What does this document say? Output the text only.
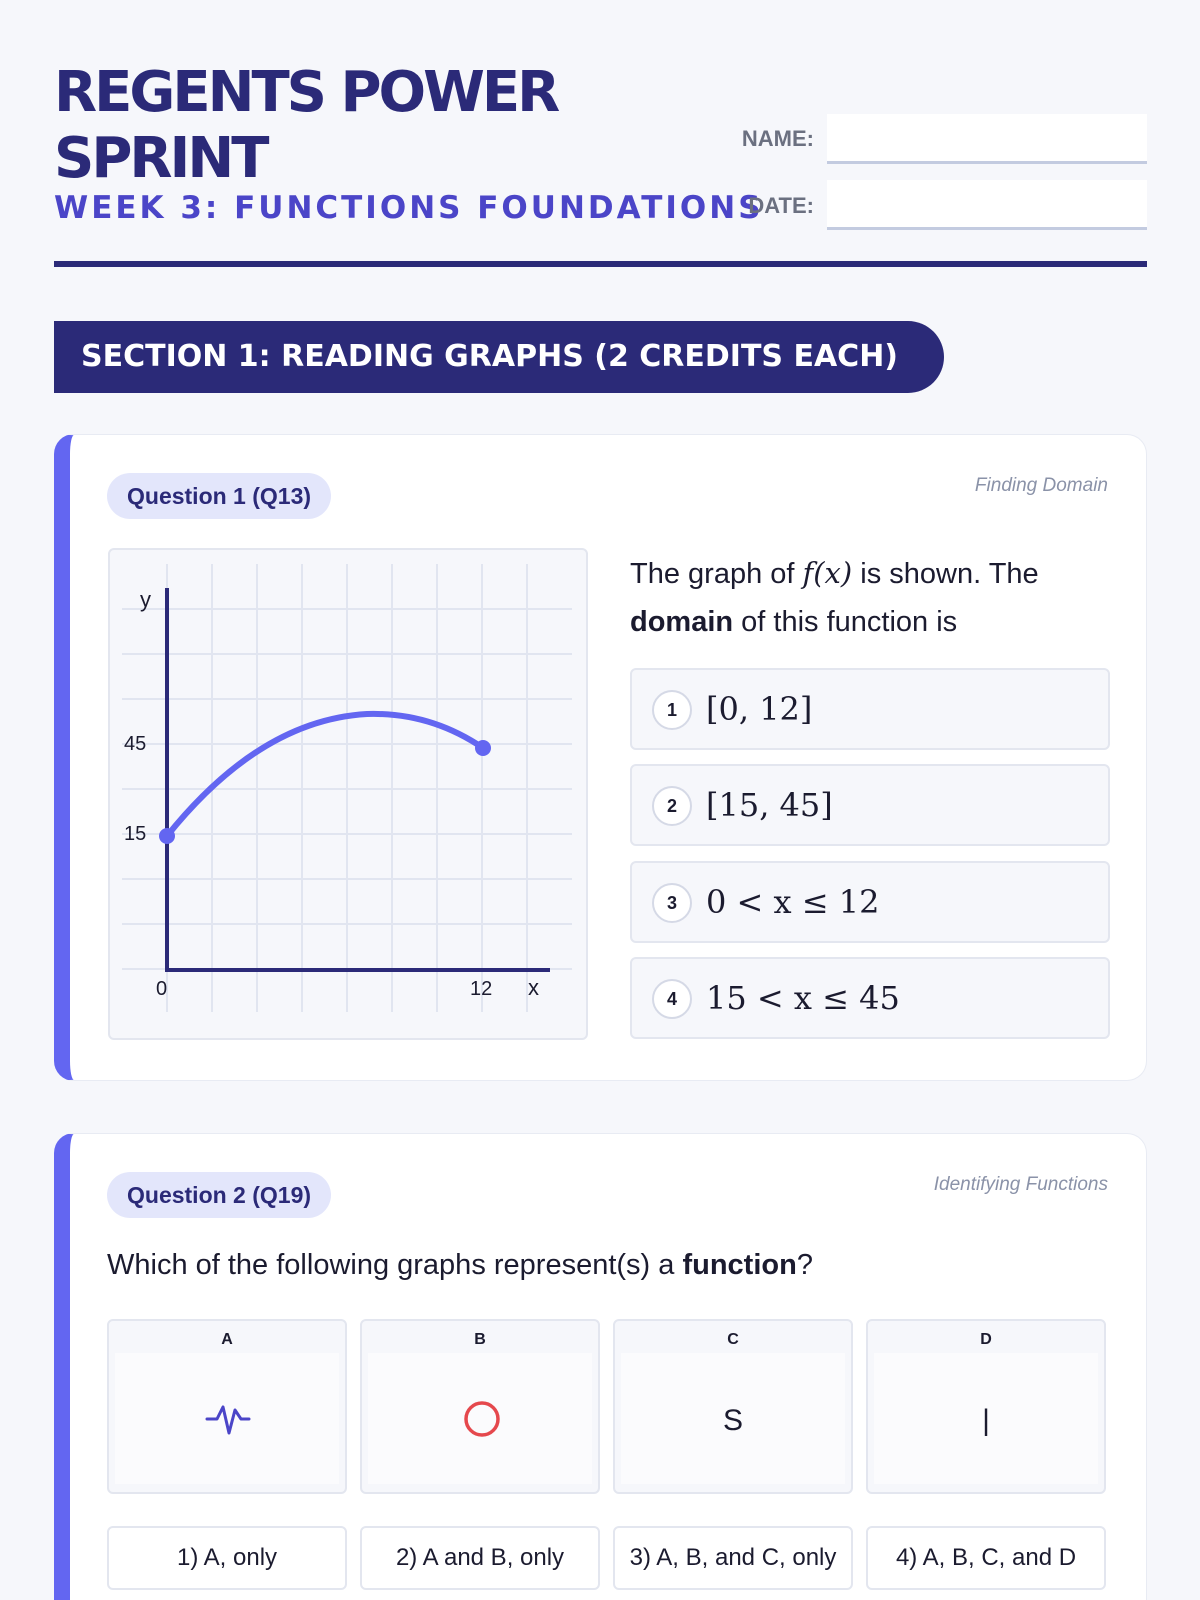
REGENTS POWER SPRINT
WEEK 3: FUNCTIONS FOUNDATIONS
NAME:
DATE:
SECTION 1: READING GRAPHS (2 CREDITS EACH)
Question 1 (Q13)	Finding Domain
y
45
15
0	12 x
The graph of f(x) is shown. The domain of this function is
1 [0, 12]
2 [15, 45]
3 0 < x ≤ 12
4 15 < x ≤ 45
Question 2 (Q19)	Identifying Functions
Which of the following graphs represent(s) a function?
A	B	C
S
D
|
1) A, only	2) A and B, only	3) A, B, and C, only	4) A, B, C, and D
